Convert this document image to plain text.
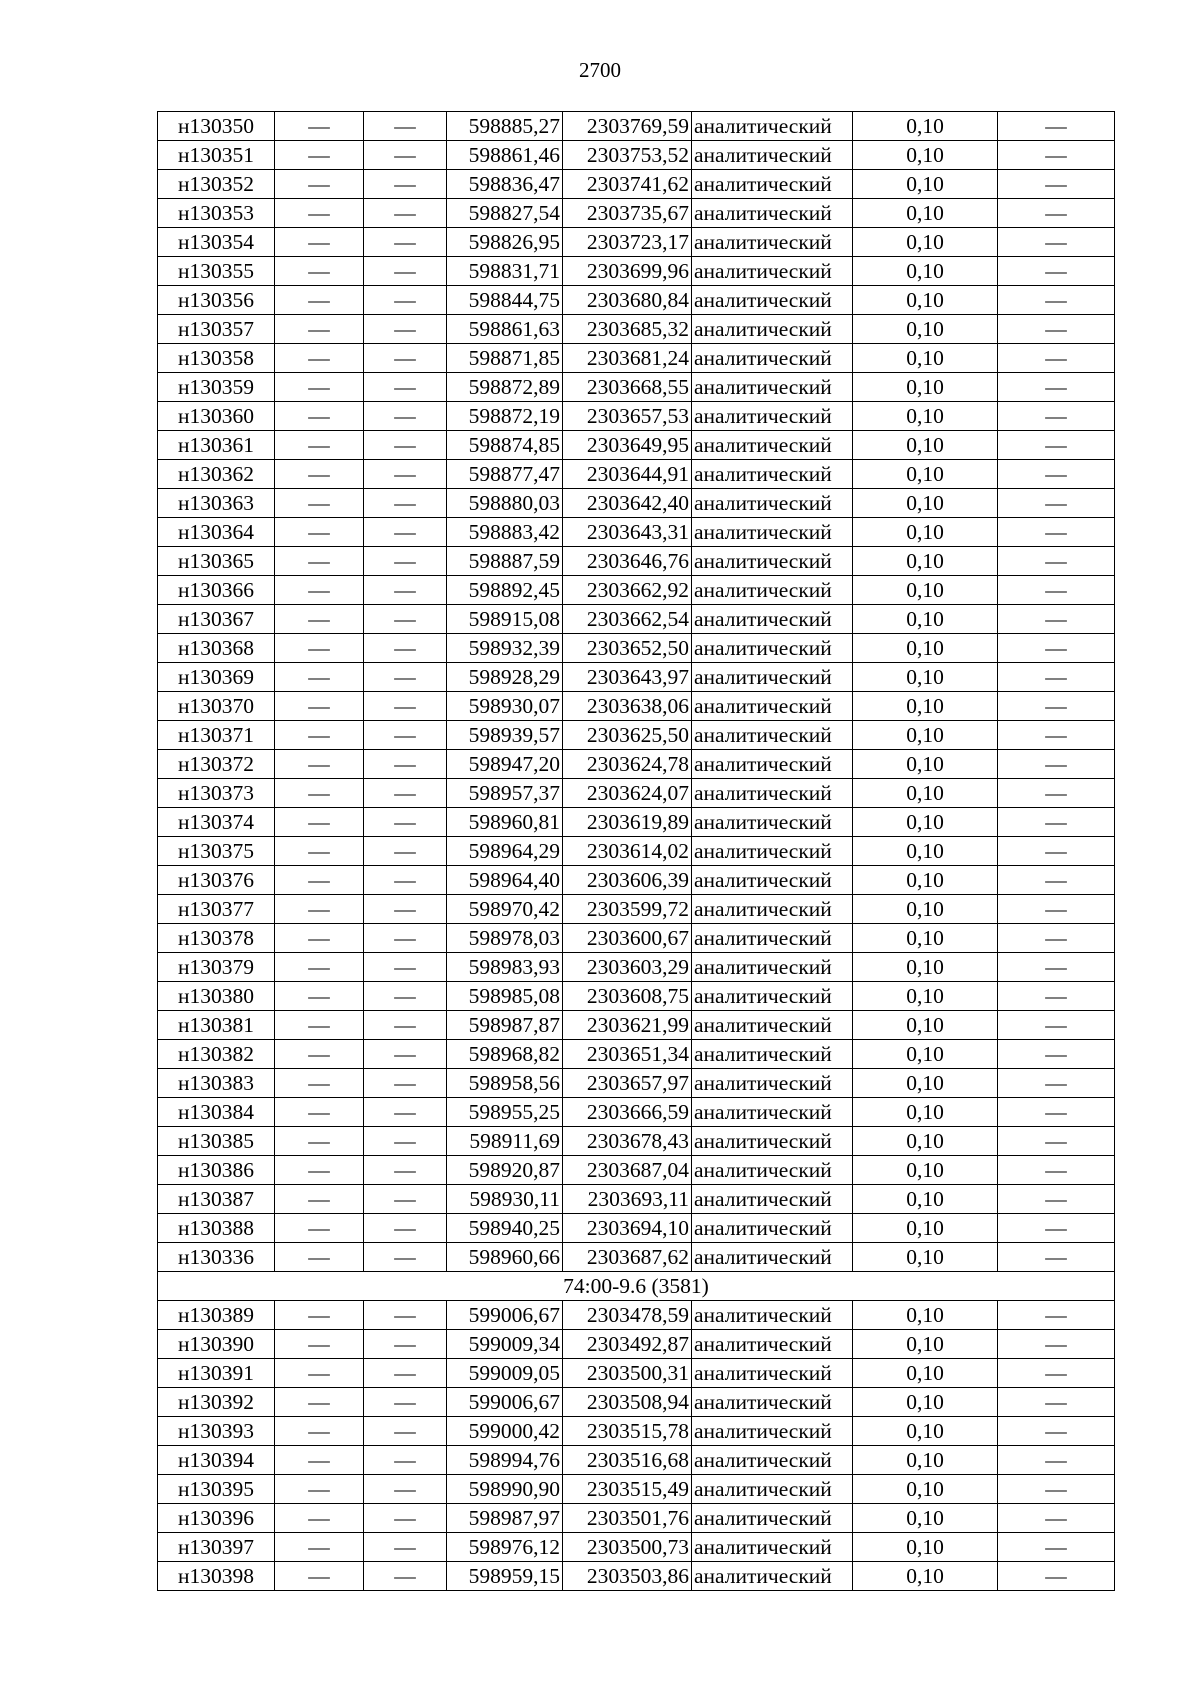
2700
н130350	—	—	598885,27	2303769,59	аналитический	0,10	—
н130351	—	—	598861,46	2303753,52	аналитический	0,10	—
н130352	—	—	598836,47	2303741,62	аналитический	0,10	—
н130353	—	—	598827,54	2303735,67	аналитический	0,10	—
н130354	—	—	598826,95	2303723,17	аналитический	0,10	—
н130355	—	—	598831,71	2303699,96	аналитический	0,10	—
н130356	—	—	598844,75	2303680,84	аналитический	0,10	—
н130357	—	—	598861,63	2303685,32	аналитический	0,10	—
н130358	—	—	598871,85	2303681,24	аналитический	0,10	—
н130359	—	—	598872,89	2303668,55	аналитический	0,10	—
н130360	—	—	598872,19	2303657,53	аналитический	0,10	—
н130361	—	—	598874,85	2303649,95	аналитический	0,10	—
н130362	—	—	598877,47	2303644,91	аналитический	0,10	—
н130363	—	—	598880,03	2303642,40	аналитический	0,10	—
н130364	—	—	598883,42	2303643,31	аналитический	0,10	—
н130365	—	—	598887,59	2303646,76	аналитический	0,10	—
н130366	—	—	598892,45	2303662,92	аналитический	0,10	—
н130367	—	—	598915,08	2303662,54	аналитический	0,10	—
н130368	—	—	598932,39	2303652,50	аналитический	0,10	—
н130369	—	—	598928,29	2303643,97	аналитический	0,10	—
н130370	—	—	598930,07	2303638,06	аналитический	0,10	—
н130371	—	—	598939,57	2303625,50	аналитический	0,10	—
н130372	—	—	598947,20	2303624,78	аналитический	0,10	—
н130373	—	—	598957,37	2303624,07	аналитический	0,10	—
н130374	—	—	598960,81	2303619,89	аналитический	0,10	—
н130375	—	—	598964,29	2303614,02	аналитический	0,10	—
н130376	—	—	598964,40	2303606,39	аналитический	0,10	—
н130377	—	—	598970,42	2303599,72	аналитический	0,10	—
н130378	—	—	598978,03	2303600,67	аналитический	0,10	—
н130379	—	—	598983,93	2303603,29	аналитический	0,10	—
н130380	—	—	598985,08	2303608,75	аналитический	0,10	—
н130381	—	—	598987,87	2303621,99	аналитический	0,10	—
н130382	—	—	598968,82	2303651,34	аналитический	0,10	—
н130383	—	—	598958,56	2303657,97	аналитический	0,10	—
н130384	—	—	598955,25	2303666,59	аналитический	0,10	—
н130385	—	—	598911,69	2303678,43	аналитический	0,10	—
н130386	—	—	598920,87	2303687,04	аналитический	0,10	—
н130387	—	—	598930,11	2303693,11	аналитический	0,10	—
н130388	—	—	598940,25	2303694,10	аналитический	0,10	—
н130336	—	—	598960,66	2303687,62	аналитический	0,10	—
74:00-9.6 (3581)							
н130389	—	—	599006,67	2303478,59	аналитический	0,10	—
н130390	—	—	599009,34	2303492,87	аналитический	0,10	—
н130391	—	—	599009,05	2303500,31	аналитический	0,10	—
н130392	—	—	599006,67	2303508,94	аналитический	0,10	—
н130393	—	—	599000,42	2303515,78	аналитический	0,10	—
н130394	—	—	598994,76	2303516,68	аналитический	0,10	—
н130395	—	—	598990,90	2303515,49	аналитический	0,10	—
н130396	—	—	598987,97	2303501,76	аналитический	0,10	—
н130397	—	—	598976,12	2303500,73	аналитический	0,10	—
н130398	—	—	598959,15	2303503,86	аналитический	0,10	—
